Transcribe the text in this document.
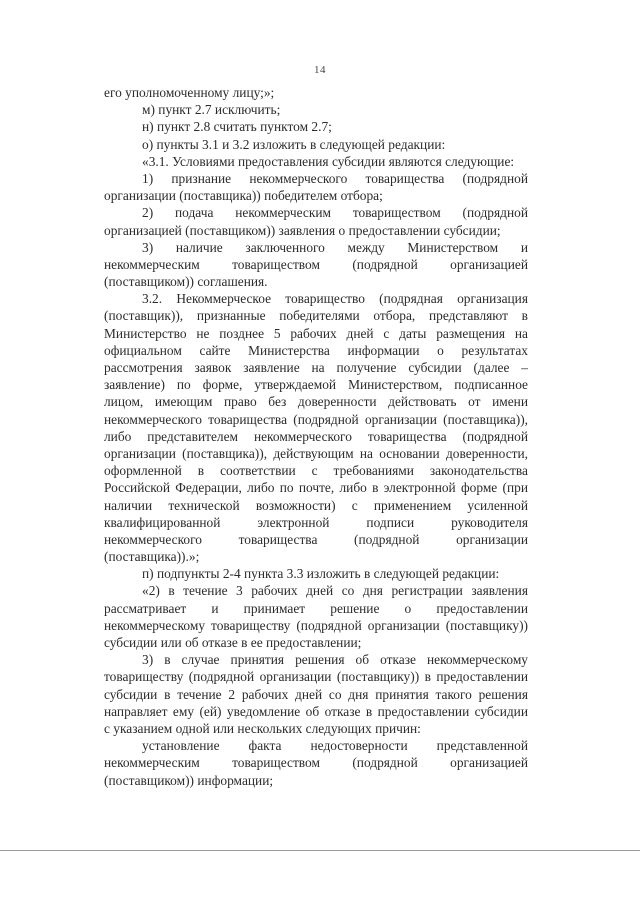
14
его уполномоченному лицу;»;
м) пункт 2.7 исключить;
н) пункт 2.8 считать пунктом 2.7;
о) пункты 3.1 и 3.2 изложить в следующей редакции:
«3.1. Условиями предоставления субсидии являются следующие:
1) признание некоммерческого товарищества (подрядной
организации (поставщика)) победителем отбора;
2) подача некоммерческим товариществом (подрядной
организацией (поставщиком)) заявления о предоставлении субсидии;
3) наличие заключенного между Министерством и
некоммерческим товариществом (подрядной организацией
(поставщиком)) соглашения.
3.2. Некоммерческое товарищество (подрядная организация
(поставщик)), признанные победителями отбора, представляют в
Министерство не позднее 5 рабочих дней с даты размещения на
официальном сайте Министерства информации о результатах
рассмотрения заявок заявление на получение субсидии (далее –
заявление) по форме, утверждаемой Министерством, подписанное
лицом, имеющим право без доверенности действовать от имени
некоммерческого товарищества (подрядной организации (поставщика)),
либо представителем некоммерческого товарищества (подрядной
организации (поставщика)), действующим на основании доверенности,
оформленной в соответствии с требованиями законодательства
Российской Федерации, либо по почте, либо в электронной форме (при
наличии технической возможности) с применением усиленной
квалифицированной электронной подписи руководителя
некоммерческого товарищества (подрядной организации
(поставщика)).»;
п) подпункты 2-4 пункта 3.3 изложить в следующей редакции:
«2) в течение 3 рабочих дней со дня регистрации заявления
рассматривает и принимает решение о предоставлении
некоммерческому товариществу (подрядной организации (поставщику))
субсидии или об отказе в ее предоставлении;
3) в случае принятия решения об отказе некоммерческому
товариществу (подрядной организации (поставщику)) в предоставлении
субсидии в течение 2 рабочих дней со дня принятия такого решения
направляет ему (ей) уведомление об отказе в предоставлении субсидии
с указанием одной или нескольких следующих причин:
установление факта недостоверности представленной
некоммерческим товариществом (подрядной организацией
(поставщиком)) информации;
